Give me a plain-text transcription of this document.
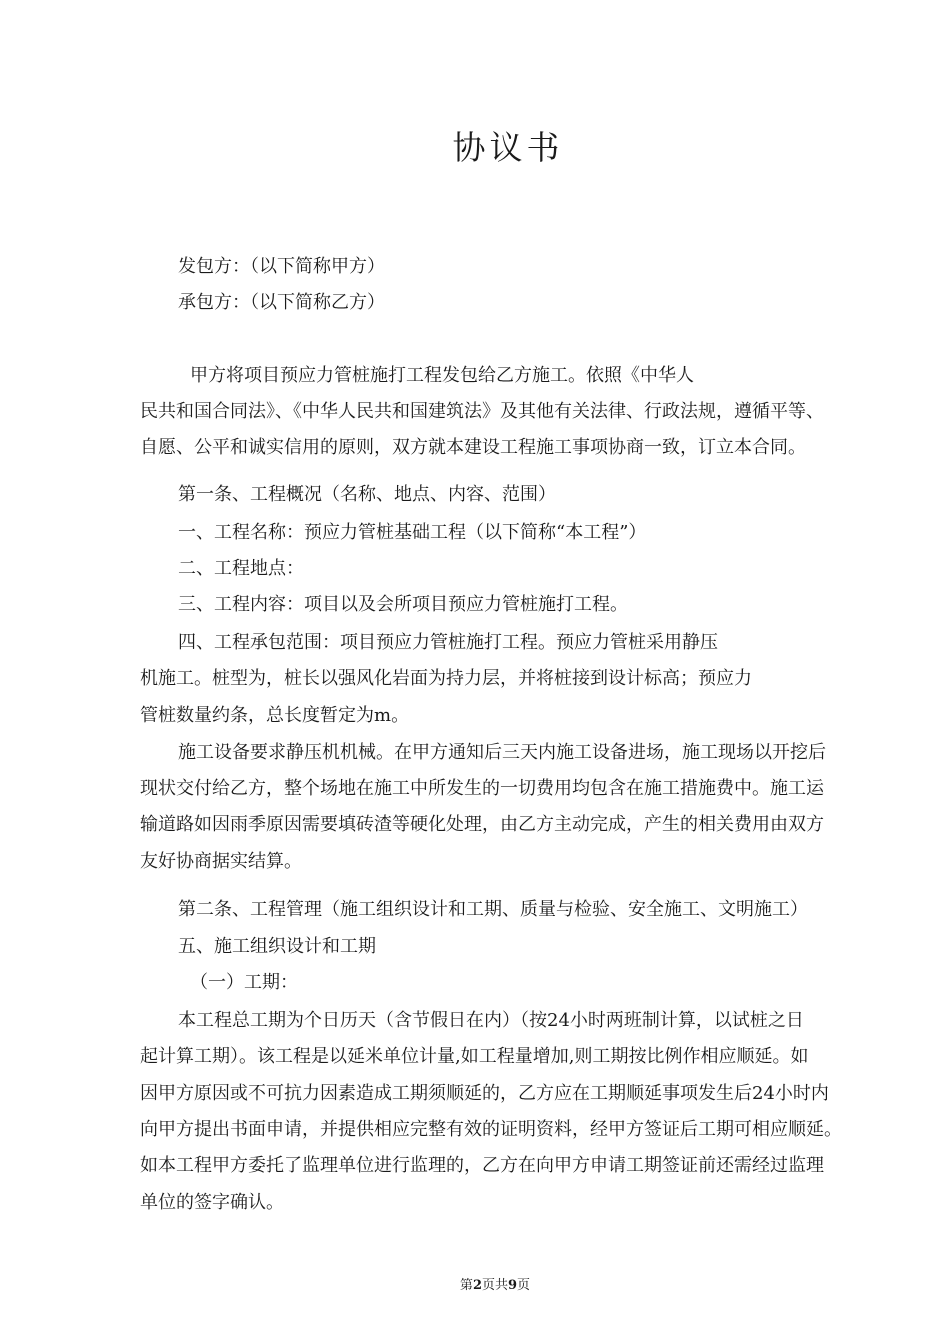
协议书
发包方：（以下简称甲方）
承包方：（以下简称乙方）
甲方将项目预应力管桩施打工程发包给乙方施工。依照《中华人
民共和国合同法》、《中华人民共和国建筑法》及其他有关法律、行政法规，遵循平等、
自愿、公平和诚实信用的原则，双方就本建设工程施工事项协商一致，订立本合同。
第一条、工程概况（名称、地点、内容、范围）
一、工程名称：预应力管桩基础工程（以下简称“本工程”）
二、工程地点：
三、工程内容：项目以及会所项目预应力管桩施打工程。
四、工程承包范围：项目预应力管桩施打工程。预应力管桩采用静压
机施工。桩型为，桩长以强风化岩面为持力层，并将桩接到设计标高；预应力
管桩数量约条，总长度暂定为m。
施工设备要求静压机机械。在甲方通知后三天内施工设备进场，施工现场以开挖后
现状交付给乙方，整个场地在施工中所发生的一切费用均包含在施工措施费中。施工运
输道路如因雨季原因需要填砖渣等硬化处理，由乙方主动完成，产生的相关费用由双方
友好协商据实结算。
第二条、工程管理（施工组织设计和工期、质量与检验、安全施工、文明施工）
五、施工组织设计和工期
（一）工期：
本工程总工期为个日历天（含节假日在内）（按24小时两班制计算，以试桩之日
起计算工期）。该工程是以延米单位计量,如工程量增加,则工期按比例作相应顺延。如
因甲方原因或不可抗力因素造成工期须顺延的，乙方应在工期顺延事项发生后24小时内
向甲方提出书面申请，并提供相应完整有效的证明资料，经甲方签证后工期可相应顺延。
如本工程甲方委托了监理单位进行监理的，乙方在向甲方申请工期签证前还需经过监理
单位的签字确认。
第2页共9页
